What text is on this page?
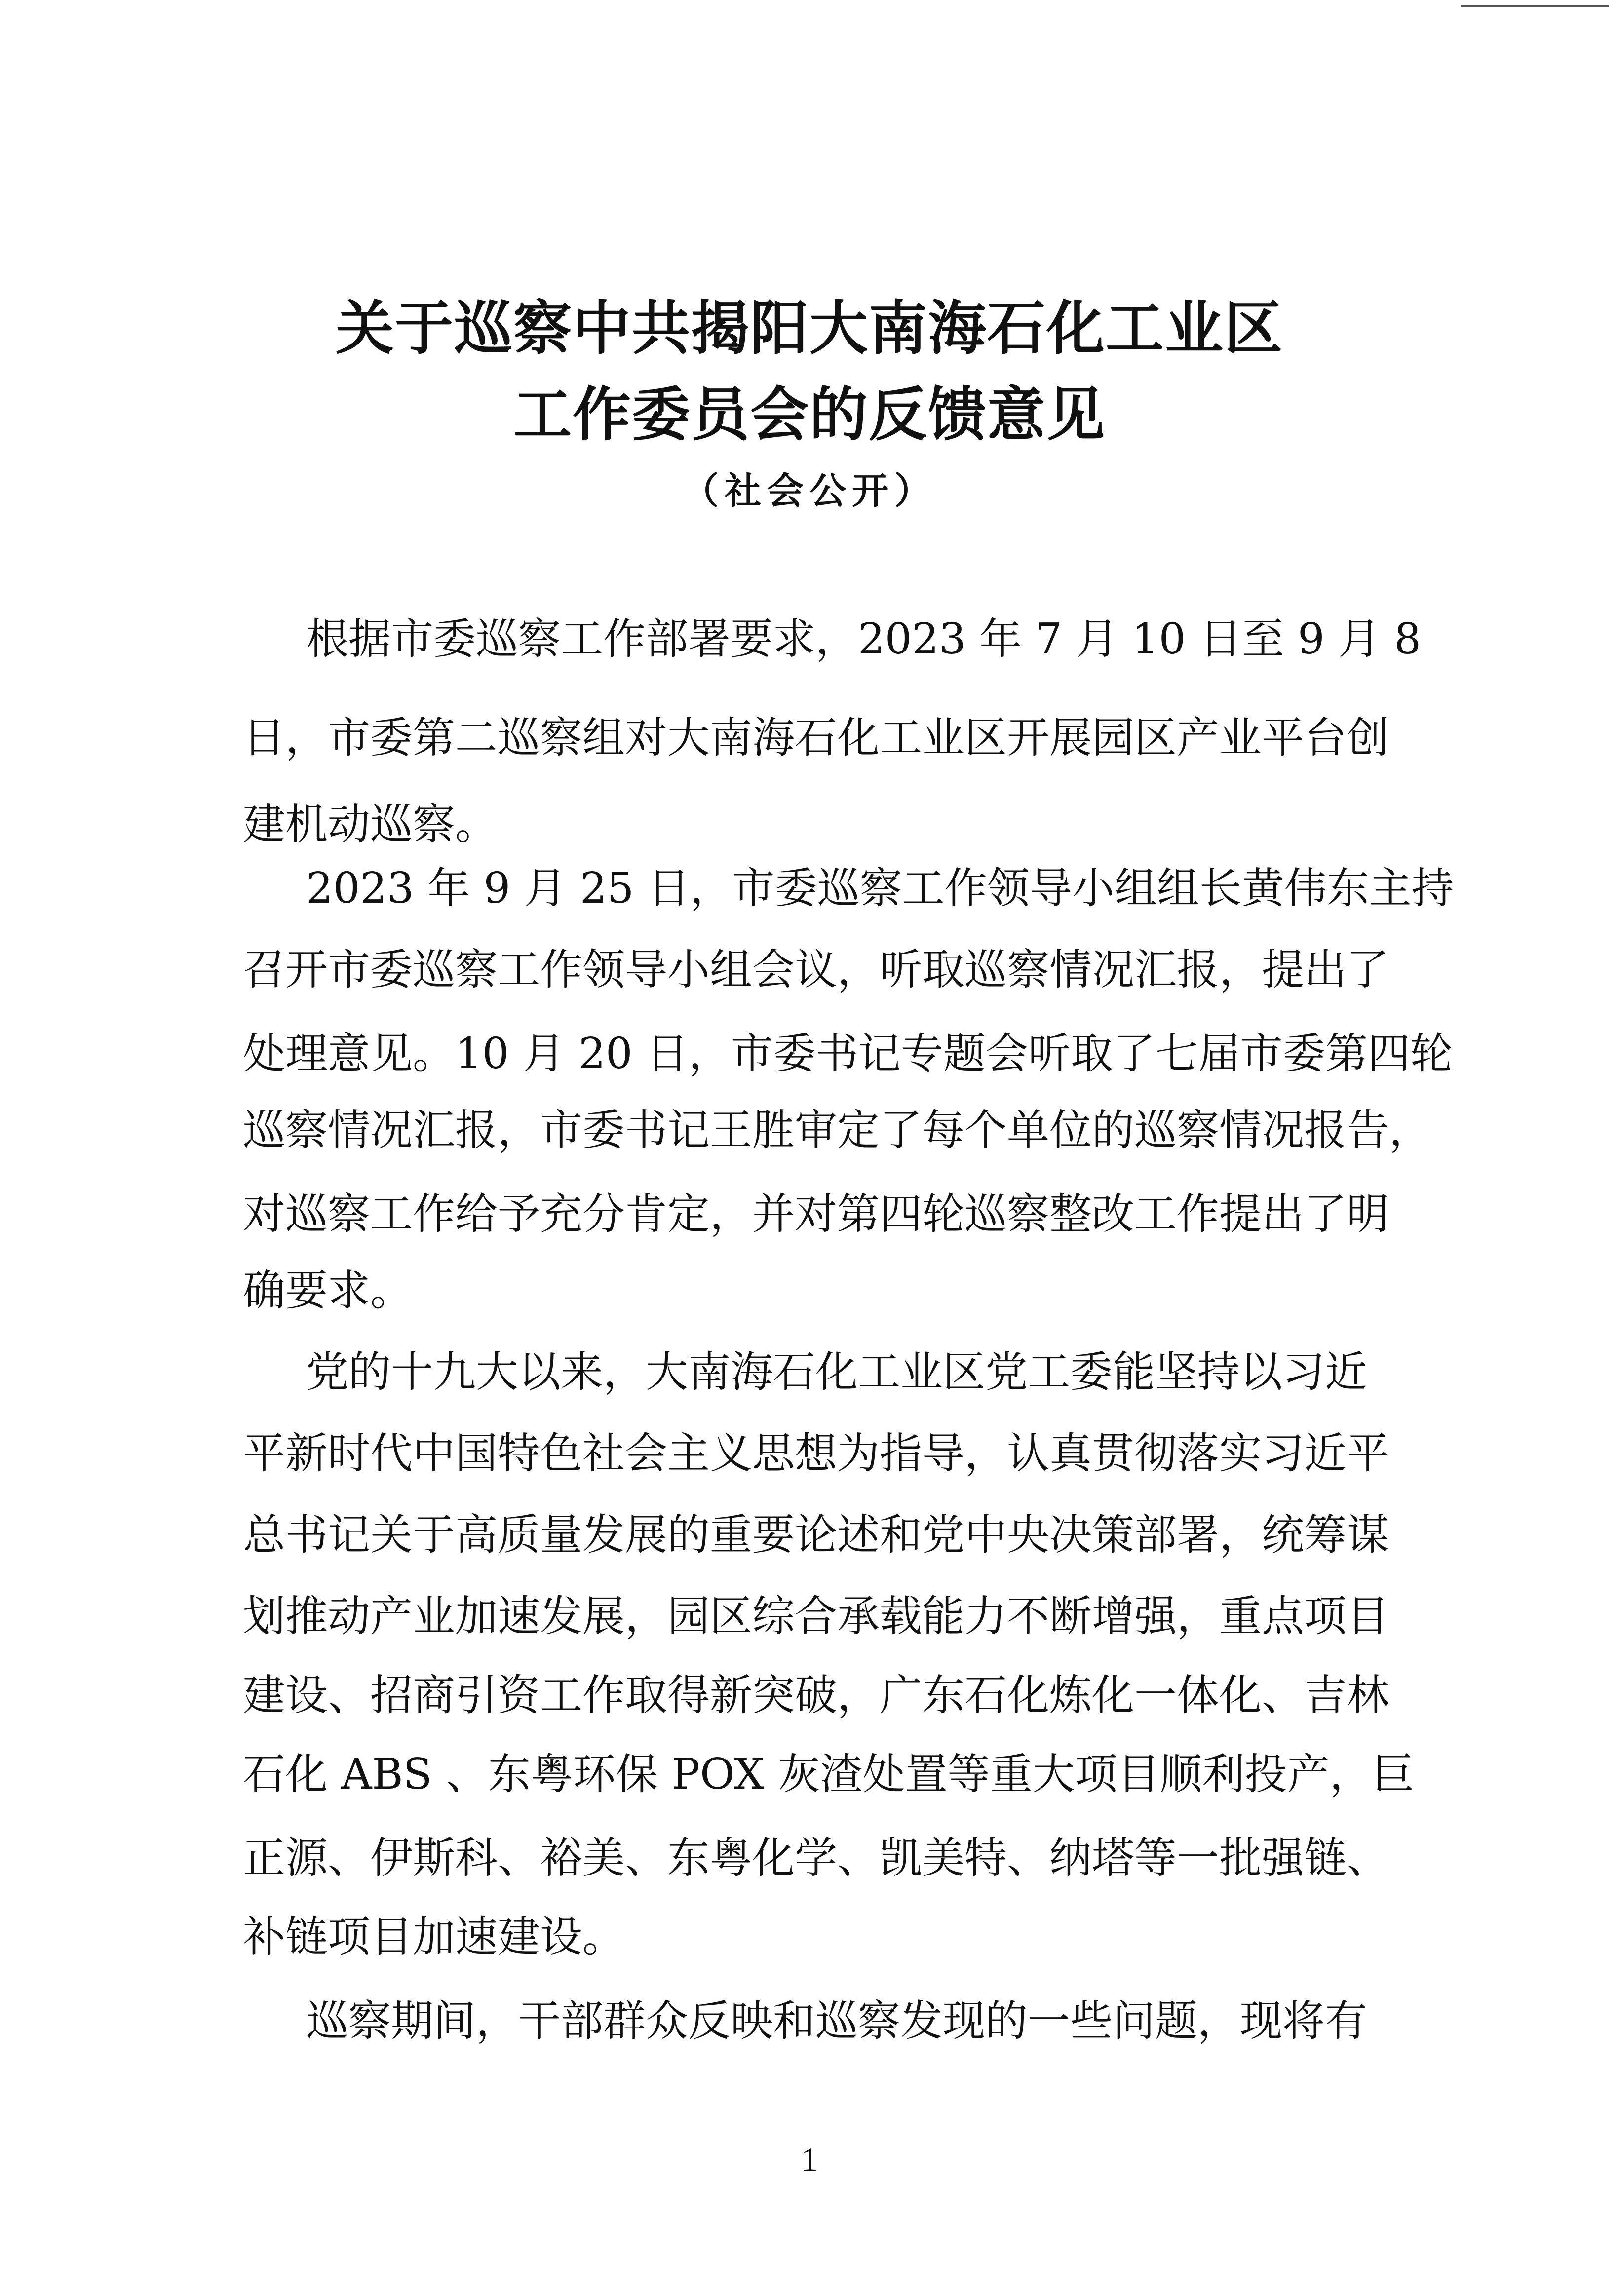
关于巡察中共揭阳大南海石化工业区
工作委员会的反馈意见
（社会公开）
根据市委巡察工作部署要求，2023 年 7 月 10 日至 9 月 8
日，市委第二巡察组对大南海石化工业区开展园区产业平台创
建机动巡察。
2023 年 9 月 25 日，市委巡察工作领导小组组长黄伟东主持
召开市委巡察工作领导小组会议，听取巡察情况汇报，提出了
处理意见。10 月 20 日，市委书记专题会听取了七届市委第四轮
巡察情况汇报，市委书记王胜审定了每个单位的巡察情况报告，
对巡察工作给予充分肯定，并对第四轮巡察整改工作提出了明
确要求。
党的十九大以来，大南海石化工业区党工委能坚持以习近
平新时代中国特色社会主义思想为指导，认真贯彻落实习近平
总书记关于高质量发展的重要论述和党中央决策部署，统筹谋
划推动产业加速发展，园区综合承载能力不断增强，重点项目
建设、招商引资工作取得新突破，广东石化炼化一体化、吉林
石化 ABS 、东粤环保 POX 灰渣处置等重大项目顺利投产，巨
正源、伊斯科、裕美、东粤化学、凯美特、纳塔等一批强链、
补链项目加速建设。
巡察期间，干部群众反映和巡察发现的一些问题，现将有
1
